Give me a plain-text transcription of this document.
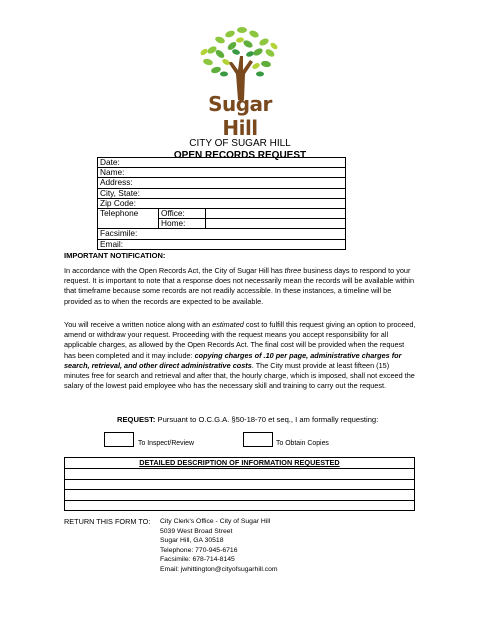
Sugar Hill
CITY OF SUGAR HILL
OPEN RECORDS REQUEST
Date:		
Name:		
Address:		
City, State:		
Zip Code:		
Telephone	Office:	
	Home:	
Facsimile:		
Email:		
IMPORTANT NOTIFICATION:
In accordance with the Open Records Act, the City of Sugar Hill has three business days to respond to your request. It is important to note that a response does not necessarily mean the records will be available within that timeframe because some records are not readily accessible. In these instances, a timeline will be provided as to when the records are expected to be available.
You will receive a written notice along with an estimated cost to fulfill this request giving an option to proceed, amend or withdraw your request. Proceeding with the request means you accept responsibility for all applicable charges, as allowed by the Open Records Act. The final cost will be provided when the request has been completed and it may include: copying charges of .10 per page, administrative charges for search, retrieval, and other direct administrative costs. The City must provide at least fifteen (15) minutes free for search and retrieval and after that, the hourly charge, which is imposed, shall not exceed the salary of the lowest paid employee who has the necessary skill and training to carry out the request.
REQUEST: Pursuant to O.C.G.A. §50-18-70 et seq., I am formally requesting:
To Inspect/Review	To Obtain Copies
DETAILED DESCRIPTION OF INFORMATION REQUESTED

RETURN THIS FORM TO: City Clerk's Office - City of Sugar Hill
5039 West Broad Street
Sugar Hill, GA 30518
Telephone: 770-945-6716
Facsimile: 678-714-8145
Email: jwhittington@cityofsugarhill.com
